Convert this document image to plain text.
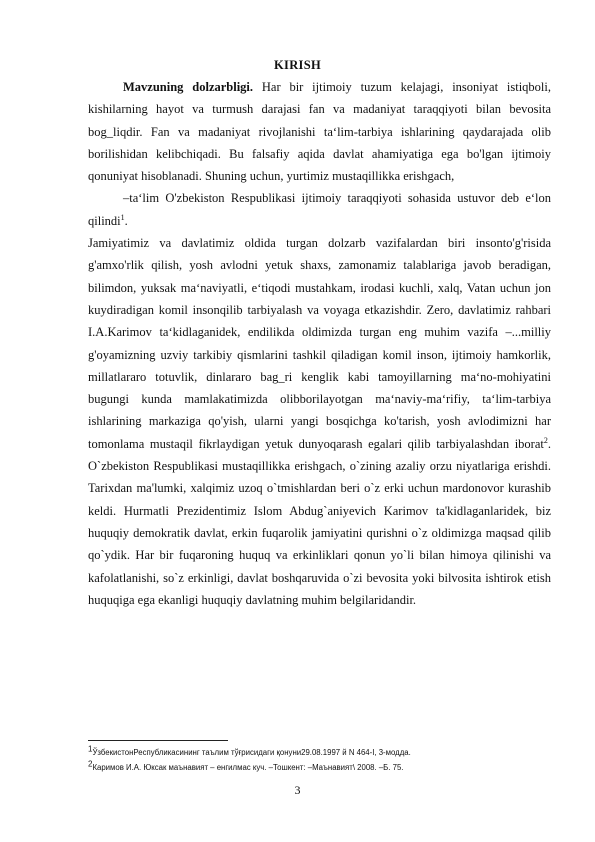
KIRISH

Mavzuning dolzarbligi. Har bir ijtimoiy tuzum kelajagi, insoniyat istiqboli, kishilarning hayot va turmush darajasi fan va madaniyat taraqqiyoti bilan bevosita bog_liqdir. Fan va madaniyat rivojlanishi ta‘lim-tarbiya ishlarining qaydarajada olib borilishidan kelibchiqadi. Bu falsafiy aqida davlat ahamiyatiga ega bo'lgan ijtimoiy qonuniyat hisoblanadi. Shuning uchun, yurtimiz mustaqillikka erishgach,

‒ta‘lim O'zbekiston Respublikasi ijtimoiy taraqqiyoti sohasida ustuvor deb e‘lon qilindi$^1$.

Jamiyatimiz va davlatimiz oldida turgan dolzarb vazifalardan biri insonto'g'risida g'amxo'rlik qilish, yosh avlodni yetuk shaxs, zamonamiz talablariga javob beradigan, bilimdon, yuksak ma‘naviyatli, e‘tiqodi mustahkam, irodasi kuchli, xalq, Vatan uchun jon kuydiradigan komil insonqilib tarbiyalash va voyaga etkazishdir. Zero, davlatimiz rahbari I.A.Karimov ta‘kidlaganidek, endilikda oldimizda turgan eng muhim vazifa ‒...milliy g'oyamizning uzviy tarkibiy qismlarini tashkil qiladigan komil inson, ijtimoiy hamkorlik, millatlararo totuvlik, dinlararo bag_ri kenglik kabi tamoyillarning ma‘no-mohiyatini bugungi kunda mamlakatimizda olibborilayotgan ma‘naviy-ma‘rifiy, ta‘lim-tarbiya ishlarining markaziga qo'yish, ularni yangi bosqichga ko'tarish, yosh avlodimizni har tomonlama mustaqil fikrlaydigan yetuk dunyoqarash egalari qilib tarbiyalashdan iborat$^2$. O`zbekiston Respublikasi mustaqillikka erishgach, o`zining azaliy orzu niyatlariga erishdi. Tarixdan ma'lumki, xalqimiz uzoq o`tmishlardan beri o`z erki uchun mardonovor kurashib keldi. Hurmatli Prezidentimiz Islom Abdug`aniyevich Karimov ta'kidlaganlaridek, biz huquqiy demokratik davlat, erkin fuqarolik jamiyatini qurishni o`z oldimizga maqsad qilib qo`ydik. Har bir fuqaroning huquq va erkinliklari qonun yo`li bilan himoya qilinishi va kafolatlanishi, so`z erkinligi, davlat boshqaruvida o`zi bevosita yoki bilvosita ishtirok etish huquqiga ega ekanligi huquqiy davlatning muhim belgilaridandir.

$^1$ЎзбекистонРеспубликасининг таълим тўғрисидаги қонуни29.08.1997 й N 464-I, 3-модда.

$^2$Каримов И.А. Юксак маънавият – енгилмас куч. ‒Тошкент: ‒Маънавият\ 2008. ‒Б. 75.

3
